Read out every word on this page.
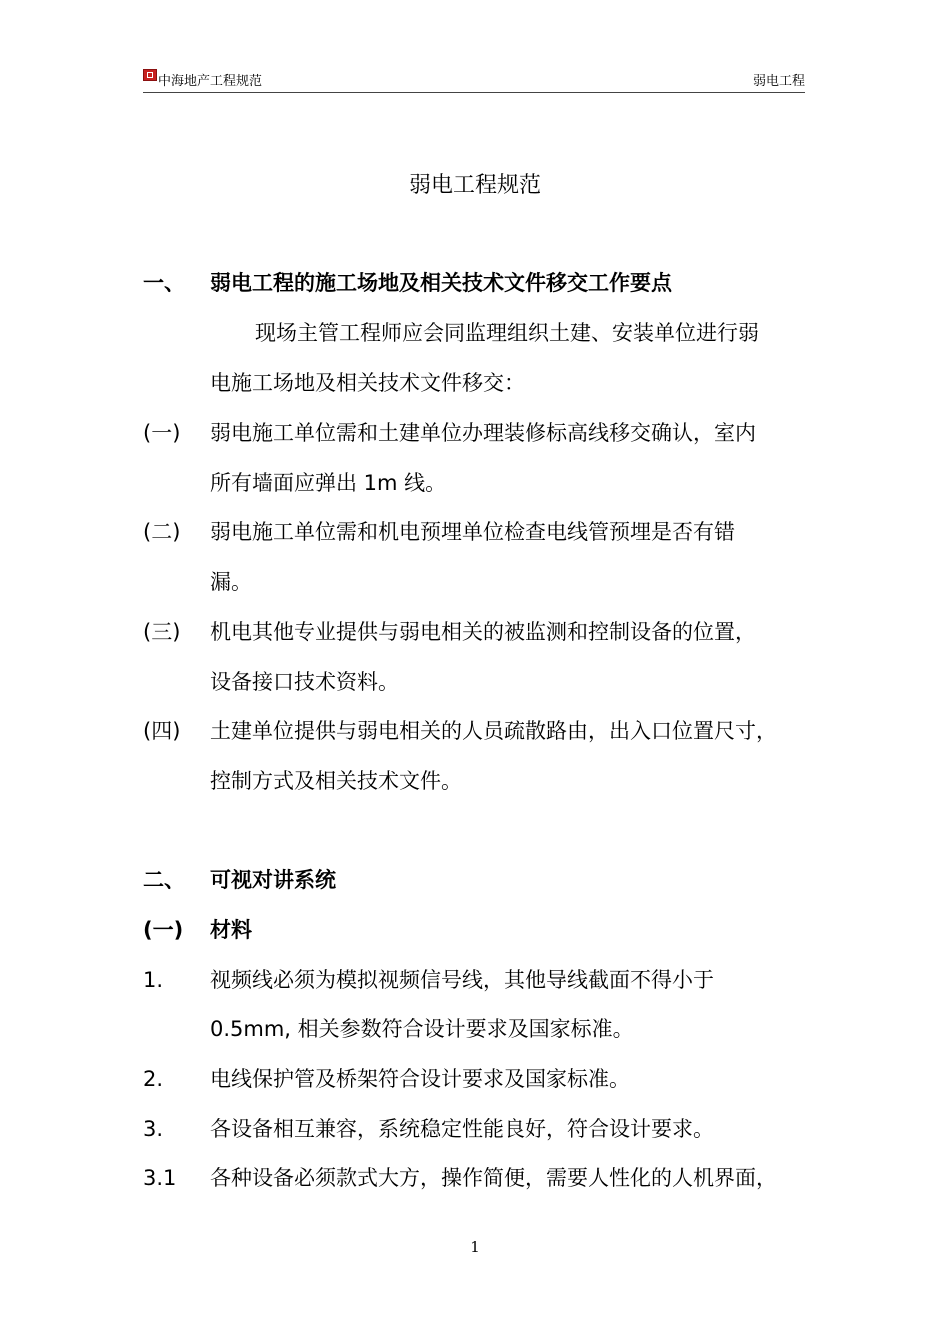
中海地产工程规范	弱电工程
弱电工程规范
一、 弱电工程的施工场地及相关技术文件移交工作要点
现场主管工程师应会同监理组织土建、安装单位进行弱
电施工场地及相关技术文件移交：
(一) 弱电施工单位需和土建单位办理装修标高线移交确认，室内
所有墙面应弹出 1m 线。
(二) 弱电施工单位需和机电预埋单位检查电线管预埋是否有错
漏。
(三) 机电其他专业提供与弱电相关的被监测和控制设备的位置，
设备接口技术资料。
(四) 土建单位提供与弱电相关的人员疏散路由，出入口位置尺寸，
控制方式及相关技术文件。
二、 可视对讲系统
(一) 材料
1. 视频线必须为模拟视频信号线，其他导线截面不得小于
0.5mm, 相关参数符合设计要求及国家标准。
2. 电线保护管及桥架符合设计要求及国家标准。
3. 各设备相互兼容，系统稳定性能良好，符合设计要求。
3.1 各种设备必须款式大方，操作简便，需要人性化的人机界面，
1
